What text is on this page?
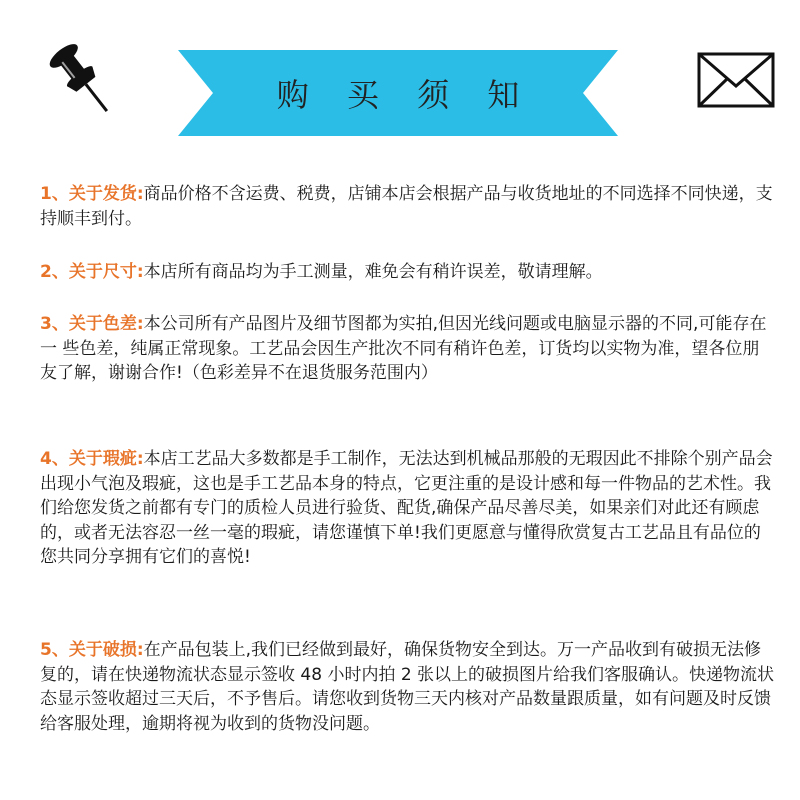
购 买 须 知

1、关于发货:商品价格不含运费、税费，店铺本店会根据产品与收货地址的不同选择不同快递，支持顺丰到付。

2、关于尺寸:本店所有商品均为手工测量，难免会有稍许误差，敬请理解。

3、关于色差:本公司所有产品图片及细节图都为实拍,但因光线问题或电脑显示器的不同,可能存在一 些色差，纯属正常现象。工艺品会因生产批次不同有稍许色差，订货均以实物为准，望各位朋友了解，谢谢合作!（色彩差异不在退货服务范围内）

4、关于瑕疵:本店工艺品大多数都是手工制作，无法达到机械品那般的无瑕因此不排除个别产品会出现小气泡及瑕疵，这也是手工艺品本身的特点，它更注重的是设计感和每一件物品的艺术性。我们给您发货之前都有专门的质检人员进行验货、配货,确保产品尽善尽美，如果亲们对此还有顾虑的，或者无法容忍一丝一毫的瑕疵，请您谨慎下单!我们更愿意与懂得欣赏复古工艺品且有品位的您共同分享拥有它们的喜悦!

5、关于破损:在产品包装上,我们已经做到最好，确保货物安全到达。万一产品收到有破损无法修复的，请在快递物流状态显示签收 48 小时内拍 2 张以上的破损图片给我们客服确认。快递物流状态显示签收超过三天后，不予售后。请您收到货物三天内核对产品数量跟质量，如有问题及时反馈给客服处理，逾期将视为收到的货物没问题。
